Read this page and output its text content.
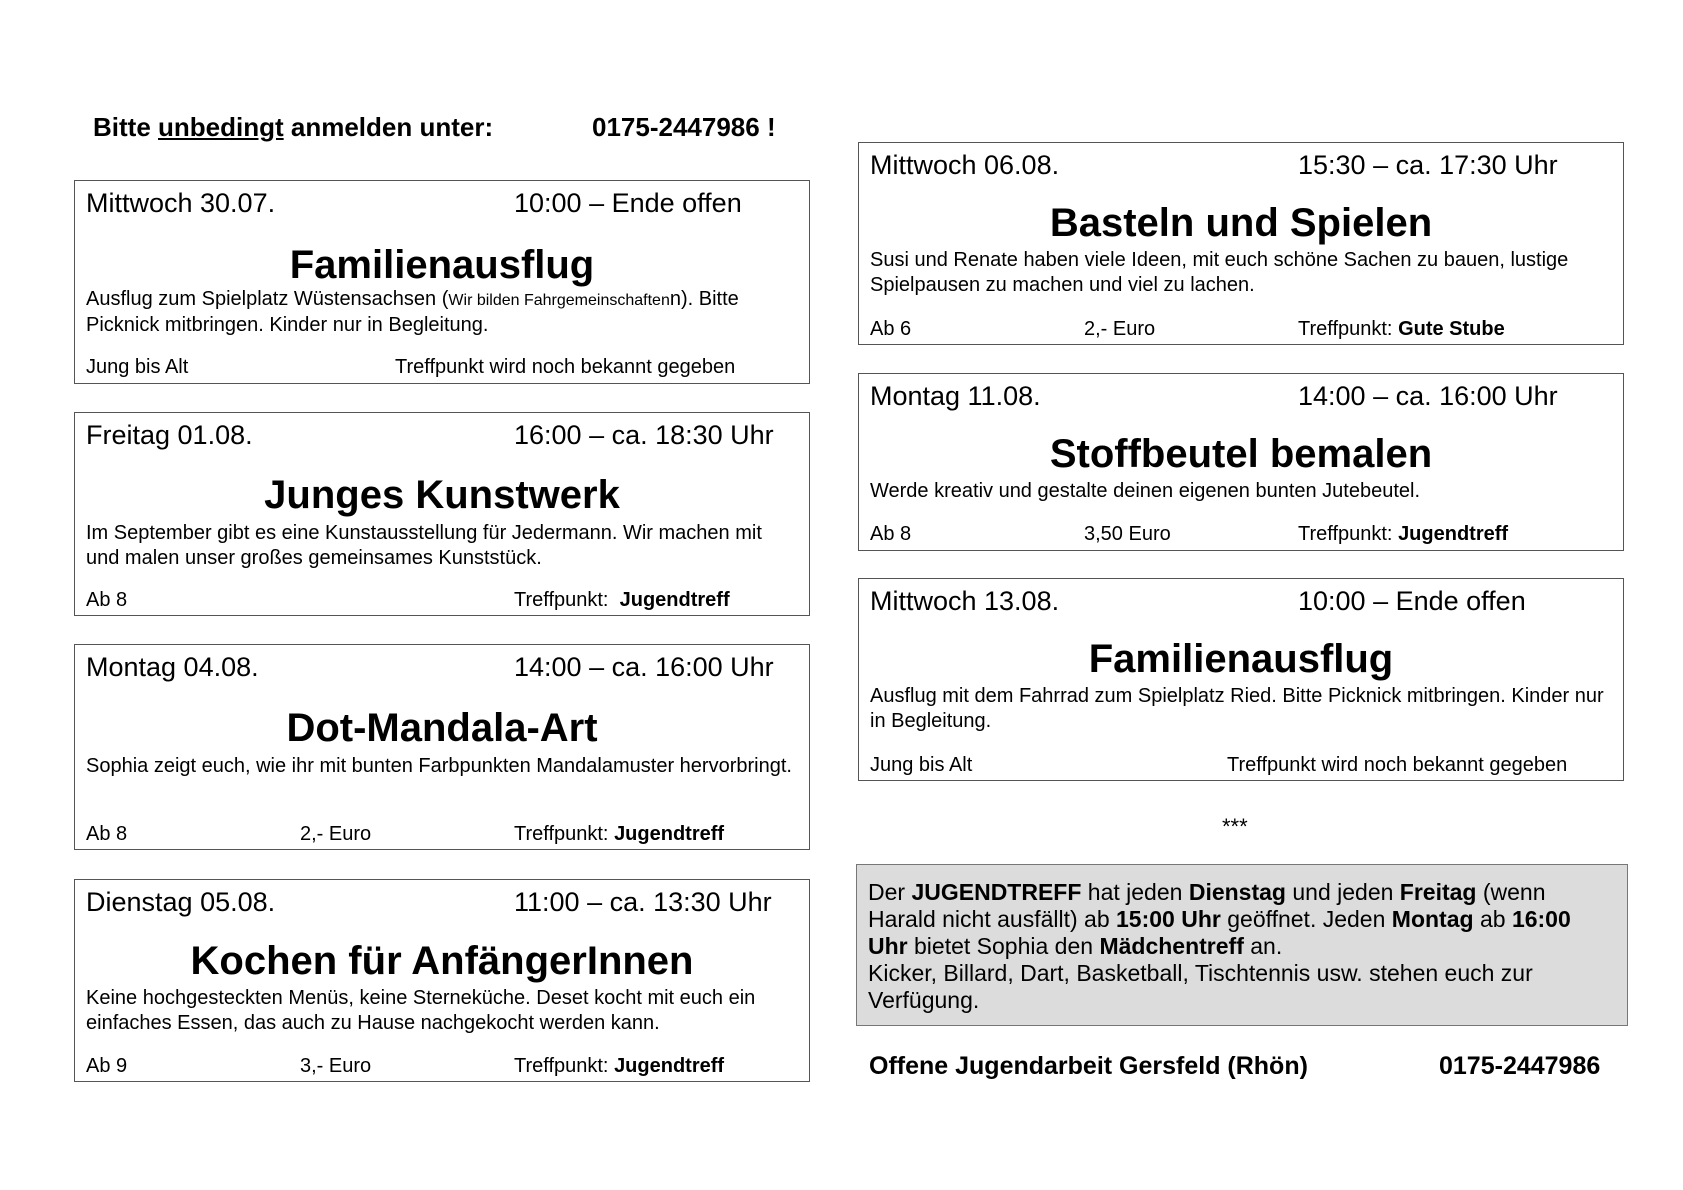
Bitte unbedingt anmelden unter:	0175-2447986 !
Mittwoch 30.07.	10:00 – Ende offen
Familienausflug
Ausflug zum Spielplatz Wüstensachsen (Wir bilden Fahrgemeinschaftenn). Bitte Picknick mitbringen. Kinder nur in Begleitung.
Jung bis Alt	Treffpunkt wird noch bekannt gegeben
Freitag 01.08.	16:00 – ca. 18:30 Uhr
Junges Kunstwerk
Im September gibt es eine Kunstausstellung für Jedermann. Wir machen mit und malen unser großes gemeinsames Kunststück.
Ab 8	Treffpunkt:  Jugendtreff
Montag 04.08.	14:00 – ca. 16:00 Uhr
Dot-Mandala-Art
Sophia zeigt euch, wie ihr mit bunten Farbpunkten Mandalamuster hervorbringt.
Ab 8	2,- Euro	Treffpunkt: Jugendtreff
Dienstag 05.08.	11:00 – ca. 13:30 Uhr
Kochen für AnfängerInnen
Keine hochgesteckten Menüs, keine Sterneküche. Deset kocht mit euch ein einfaches Essen, das auch zu Hause nachgekocht werden kann.
Ab 9	3,- Euro	Treffpunkt: Jugendtreff
Mittwoch 06.08.	15:30 – ca. 17:30 Uhr
Basteln und Spielen
Susi und Renate haben viele Ideen, mit euch schöne Sachen zu bauen, lustige Spielpausen zu machen und viel zu lachen.
Ab 6	2,- Euro	Treffpunkt: Gute Stube
Montag 11.08.	14:00 – ca. 16:00 Uhr
Stoffbeutel bemalen
Werde kreativ und gestalte deinen eigenen bunten Jutebeutel.
Ab 8	3,50 Euro	Treffpunkt: Jugendtreff
Mittwoch 13.08.	10:00 – Ende offen
Familienausflug
Ausflug mit dem Fahrrad zum Spielplatz Ried. Bitte Picknick mitbringen. Kinder nur in Begleitung.
Jung bis Alt	Treffpunkt wird noch bekannt gegeben
***
Der JUGENDTREFF hat jeden Dienstag und jeden Freitag (wenn Harald nicht ausfällt) ab 15:00 Uhr geöffnet. Jeden Montag ab 16:00 Uhr bietet Sophia den Mädchentreff an.
Kicker, Billard, Dart, Basketball, Tischtennis usw. stehen euch zur Verfügung.
Offene Jugendarbeit Gersfeld (Rhön)	0175-2447986
